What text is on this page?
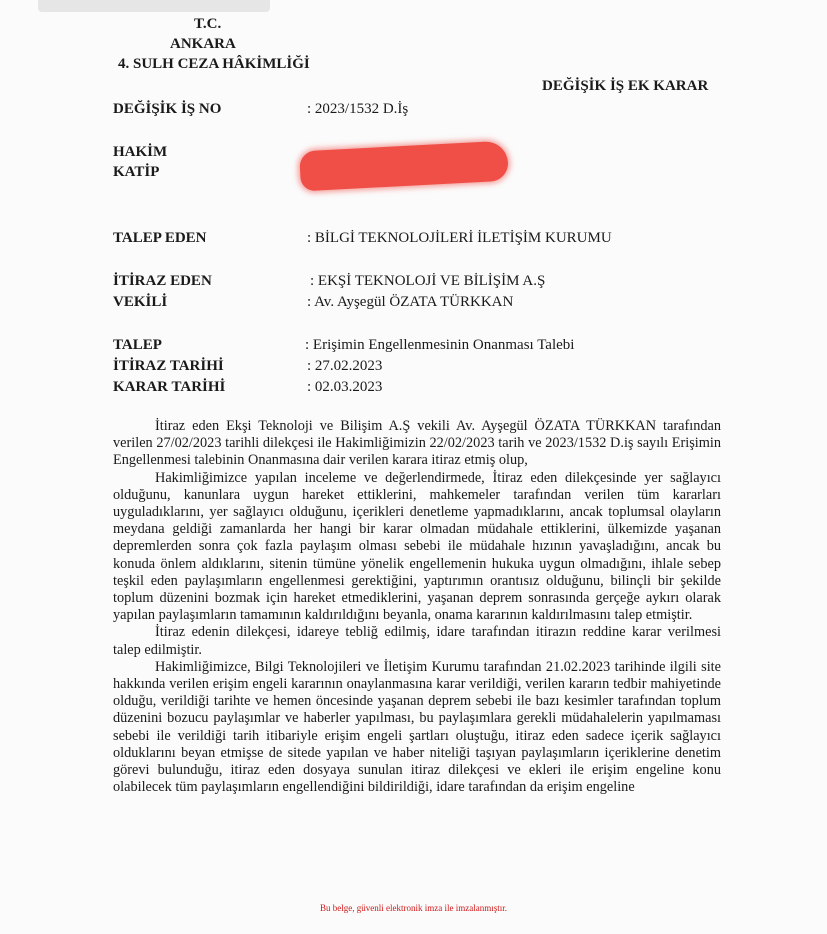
T.C.
ANKARA
4. SULH CEZA HÂKİMLİĞİ
DEĞİŞİK İŞ EK KARAR
DEĞİŞİK İŞ NO	: 2023/1532 D.İş
HAKİM
KATİP
TALEP EDEN	: BİLGİ TEKNOLOJİLERİ İLETİŞİM KURUMU
İTİRAZ EDEN	: EKŞİ TEKNOLOJİ VE BİLİŞİM A.Ş
VEKİLİ	: Av. Ayşegül ÖZATA TÜRKKAN
TALEP	: Erişimin Engellenmesinin Onanması Talebi
İTİRAZ TARİHİ	: 27.02.2023
KARAR TARİHİ	: 02.03.2023

İtiraz eden Ekşi Teknoloji ve Bilişim A.Ş vekili Av. Ayşegül ÖZATA TÜRKKAN tarafından verilen 27/02/2023 tarihli dilekçesi ile Hakimliğimizin 22/02/2023 tarih ve 2023/1532 D.iş sayılı Erişimin Engellenmesi talebinin Onanmasına dair verilen karara itiraz etmiş olup,

Hakimliğimizce yapılan inceleme ve değerlendirmede, İtiraz eden dilekçesinde yer sağlayıcı olduğunu, kanunlara uygun hareket ettiklerini, mahkemeler tarafından verilen tüm kararları uyguladıklarını, yer sağlayıcı olduğunu, içerikleri denetleme yapmadıklarını, ancak toplumsal olayların meydana geldiği zamanlarda her hangi bir karar olmadan müdahale ettiklerini, ülkemizde yaşanan depremlerden sonra çok fazla paylaşım olması sebebi ile müdahale hızının yavaşladığını, ancak bu konuda önlem aldıklarını, sitenin tümüne yönelik engellemenin hukuka uygun olmadığını, ihlale sebep teşkil eden paylaşımların engellenmesi gerektiğini, yaptırımın orantısız olduğunu, bilinçli bir şekilde toplum düzenini bozmak için hareket etmediklerini, yaşanan deprem sonrasında gerçeğe aykırı olarak yapılan paylaşımların tamamının kaldırıldığını beyanla, onama kararının kaldırılmasını talep etmiştir.

İtiraz edenin dilekçesi, idareye tebliğ edilmiş, idare tarafından itirazın reddine karar verilmesi talep edilmiştir.

Hakimliğimizce, Bilgi Teknolojileri ve İletişim Kurumu tarafından 21.02.2023 tarihinde ilgili site hakkında verilen erişim engeli kararının onaylanmasına karar verildiği, verilen kararın tedbir mahiyetinde olduğu, verildiği tarihte ve hemen öncesinde yaşanan deprem sebebi ile bazı kesimler tarafından toplum düzenini bozucu paylaşımlar ve haberler yapılması, bu paylaşımlara gerekli müdahalelerin yapılmaması sebebi ile verildiği tarih itibariyle erişim engeli şartları oluştuğu, itiraz eden sadece içerik sağlayıcı olduklarını beyan etmişse de sitede yapılan ve haber niteliği taşıyan paylaşımların içeriklerine denetim görevi bulunduğu, itiraz eden dosyaya sunulan itiraz dilekçesi ve ekleri ile erişim engeline konu olabilecek tüm paylaşımların engellendiğini bildirildiği, idare tarafından da erişim engeline

Bu belge, güvenli elektronik imza ile imzalanmıştır.
